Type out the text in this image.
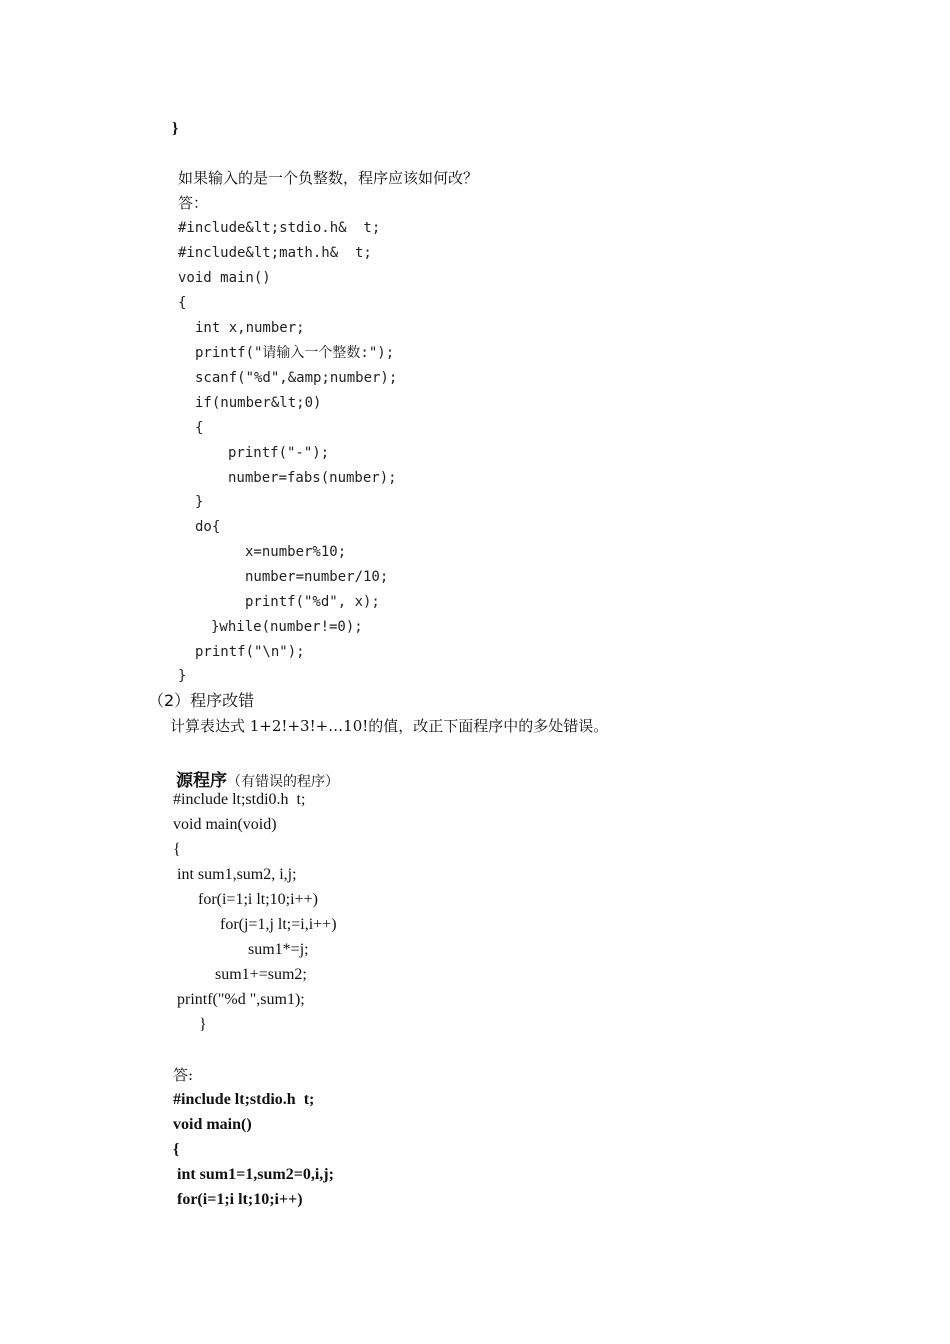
}
如果输入的是一个负整数，程序应该如何改？
答：
#include&lt;stdio.h&  t;
#include&lt;math.h&  t;
void main()
{
int x,number;
printf("请输入一个整数:");
scanf("%d",&amp;number);
if(number&lt;0)
{
printf("-");
number=fabs(number);
}
do{
x=number%10;
number=number/10;
printf("%d", x);
}while(number!=0);
printf("\n");
}
（2）程序改错
计算表达式 1+2!+3!+…10!的值，改正下面程序中的多处错误。

源程序（有错误的程序）

#include lt;stdi0.h  t;
void main(void)
{
int sum1,sum2, i,j;
for(i=1;i lt;10;i++)
for(j=1,j lt;=i,i++)
sum1*=j;
sum1+=sum2;
printf("%d ",sum1);
}
答:
#include lt;stdio.h  t;
void main()
{
int sum1=1,sum2=0,i,j;
for(i=1;i lt;10;i++)
